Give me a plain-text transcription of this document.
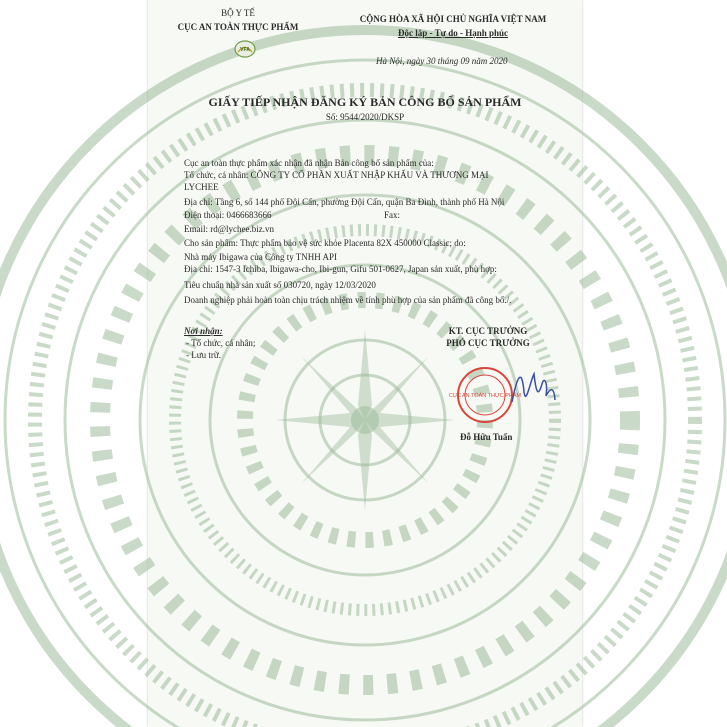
BỘ Y TẾ
CỤC AN TOÀN THỰC PHẨM
VFA
CỘNG HÒA XÃ HỘI CHỦ NGHĨA VIỆT NAM
Độc lập - Tự do - Hạnh phúc
Hà Nội, ngày 30 tháng 09 năm 2020
GIẤY TIẾP NHẬN ĐĂNG KÝ BẢN CÔNG BỐ SẢN PHẨM
Số: 9544/2020/DKSP
Cục an toàn thực phẩm xác nhận đã nhận Bản công bố sản phẩm của:
Tổ chức, cá nhân: CÔNG TY CỔ PHẦN XUẤT NHẬP KHẨU VÀ THƯƠNG MẠI
LYCHEE
Địa chỉ: Tầng 6, số 144 phố Đội Cấn, phường Đội Cấn, quận Ba Đình, thành phố Hà Nội
Điện thoại: 0466683666	Fax:
Email: rd@lychee.biz.vn
Cho sản phẩm: Thực phẩm bảo vệ sức khỏe Placenta 82X 450000 Classic; do:
Nhà máy Ibigawa của Công ty TNHH API
Địa chỉ: 1547-3 Ichiba, Ibigawa-cho, Ibi-gun, Gifu 501-0627, Japan sản xuất, phù hợp:
Tiêu chuẩn nhà sản xuất số 030720, ngày 12/03/2020
Doanh nghiệp phải hoàn toàn chịu trách nhiệm về tính phù hợp của sản phẩm đã công bố./.
Nơi nhận:
- Tổ chức, cá nhân;
- Lưu trữ.
KT. CỤC TRƯỞNG
PHÓ CỤC TRƯỞNG
CỤC AN TOÀN THỰC PHẨM
Đỗ Hữu Tuấn
